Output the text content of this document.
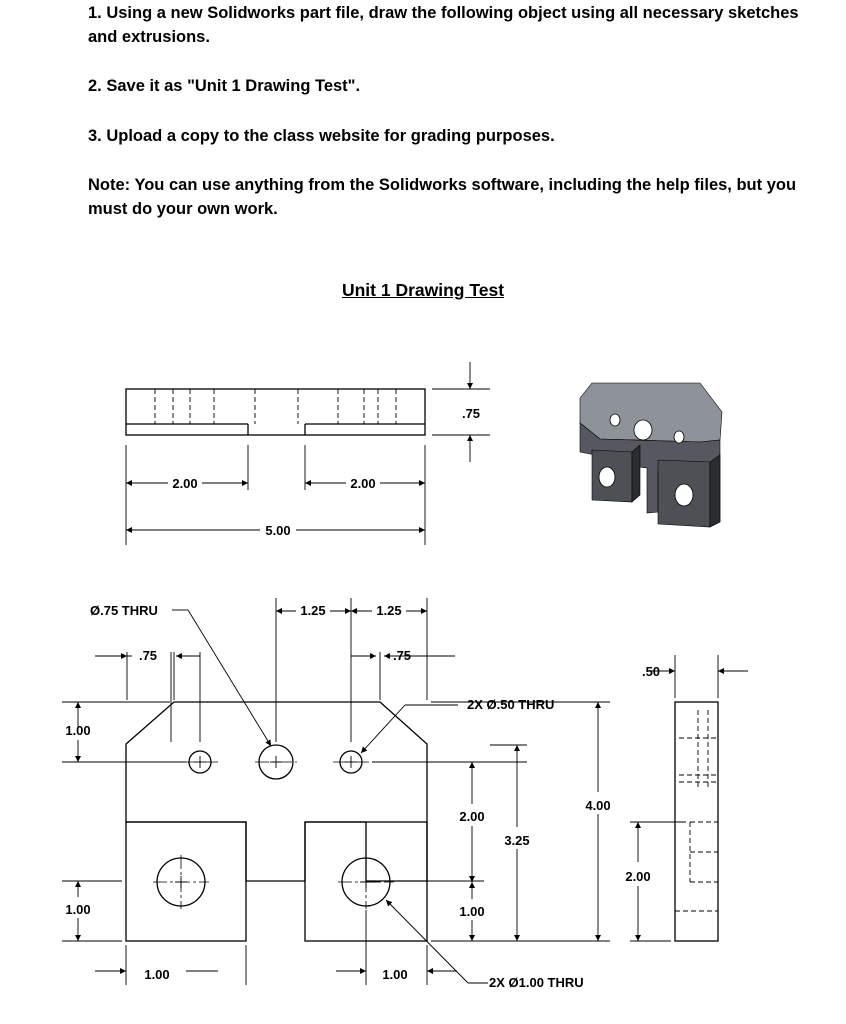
1. Using a new Solidworks part file, draw the following object using all necessary sketches and extrusions.
2. Save it as "Unit 1 Drawing Test".
3. Upload a copy to the class website for grading purposes.
Note: You can use anything from the Solidworks software, including the help files, but you must do your own work.
Unit 1 Drawing Test
2.00	2.00
5.00
.75
Ø.75 THRU
.75
1.25	1.25
.75
1.00
2X Ø.50 THRU
2.00
3.25
1.00
4.00
1.00
1.00	1.00
2X Ø1.00 THRU
.50
2.00
